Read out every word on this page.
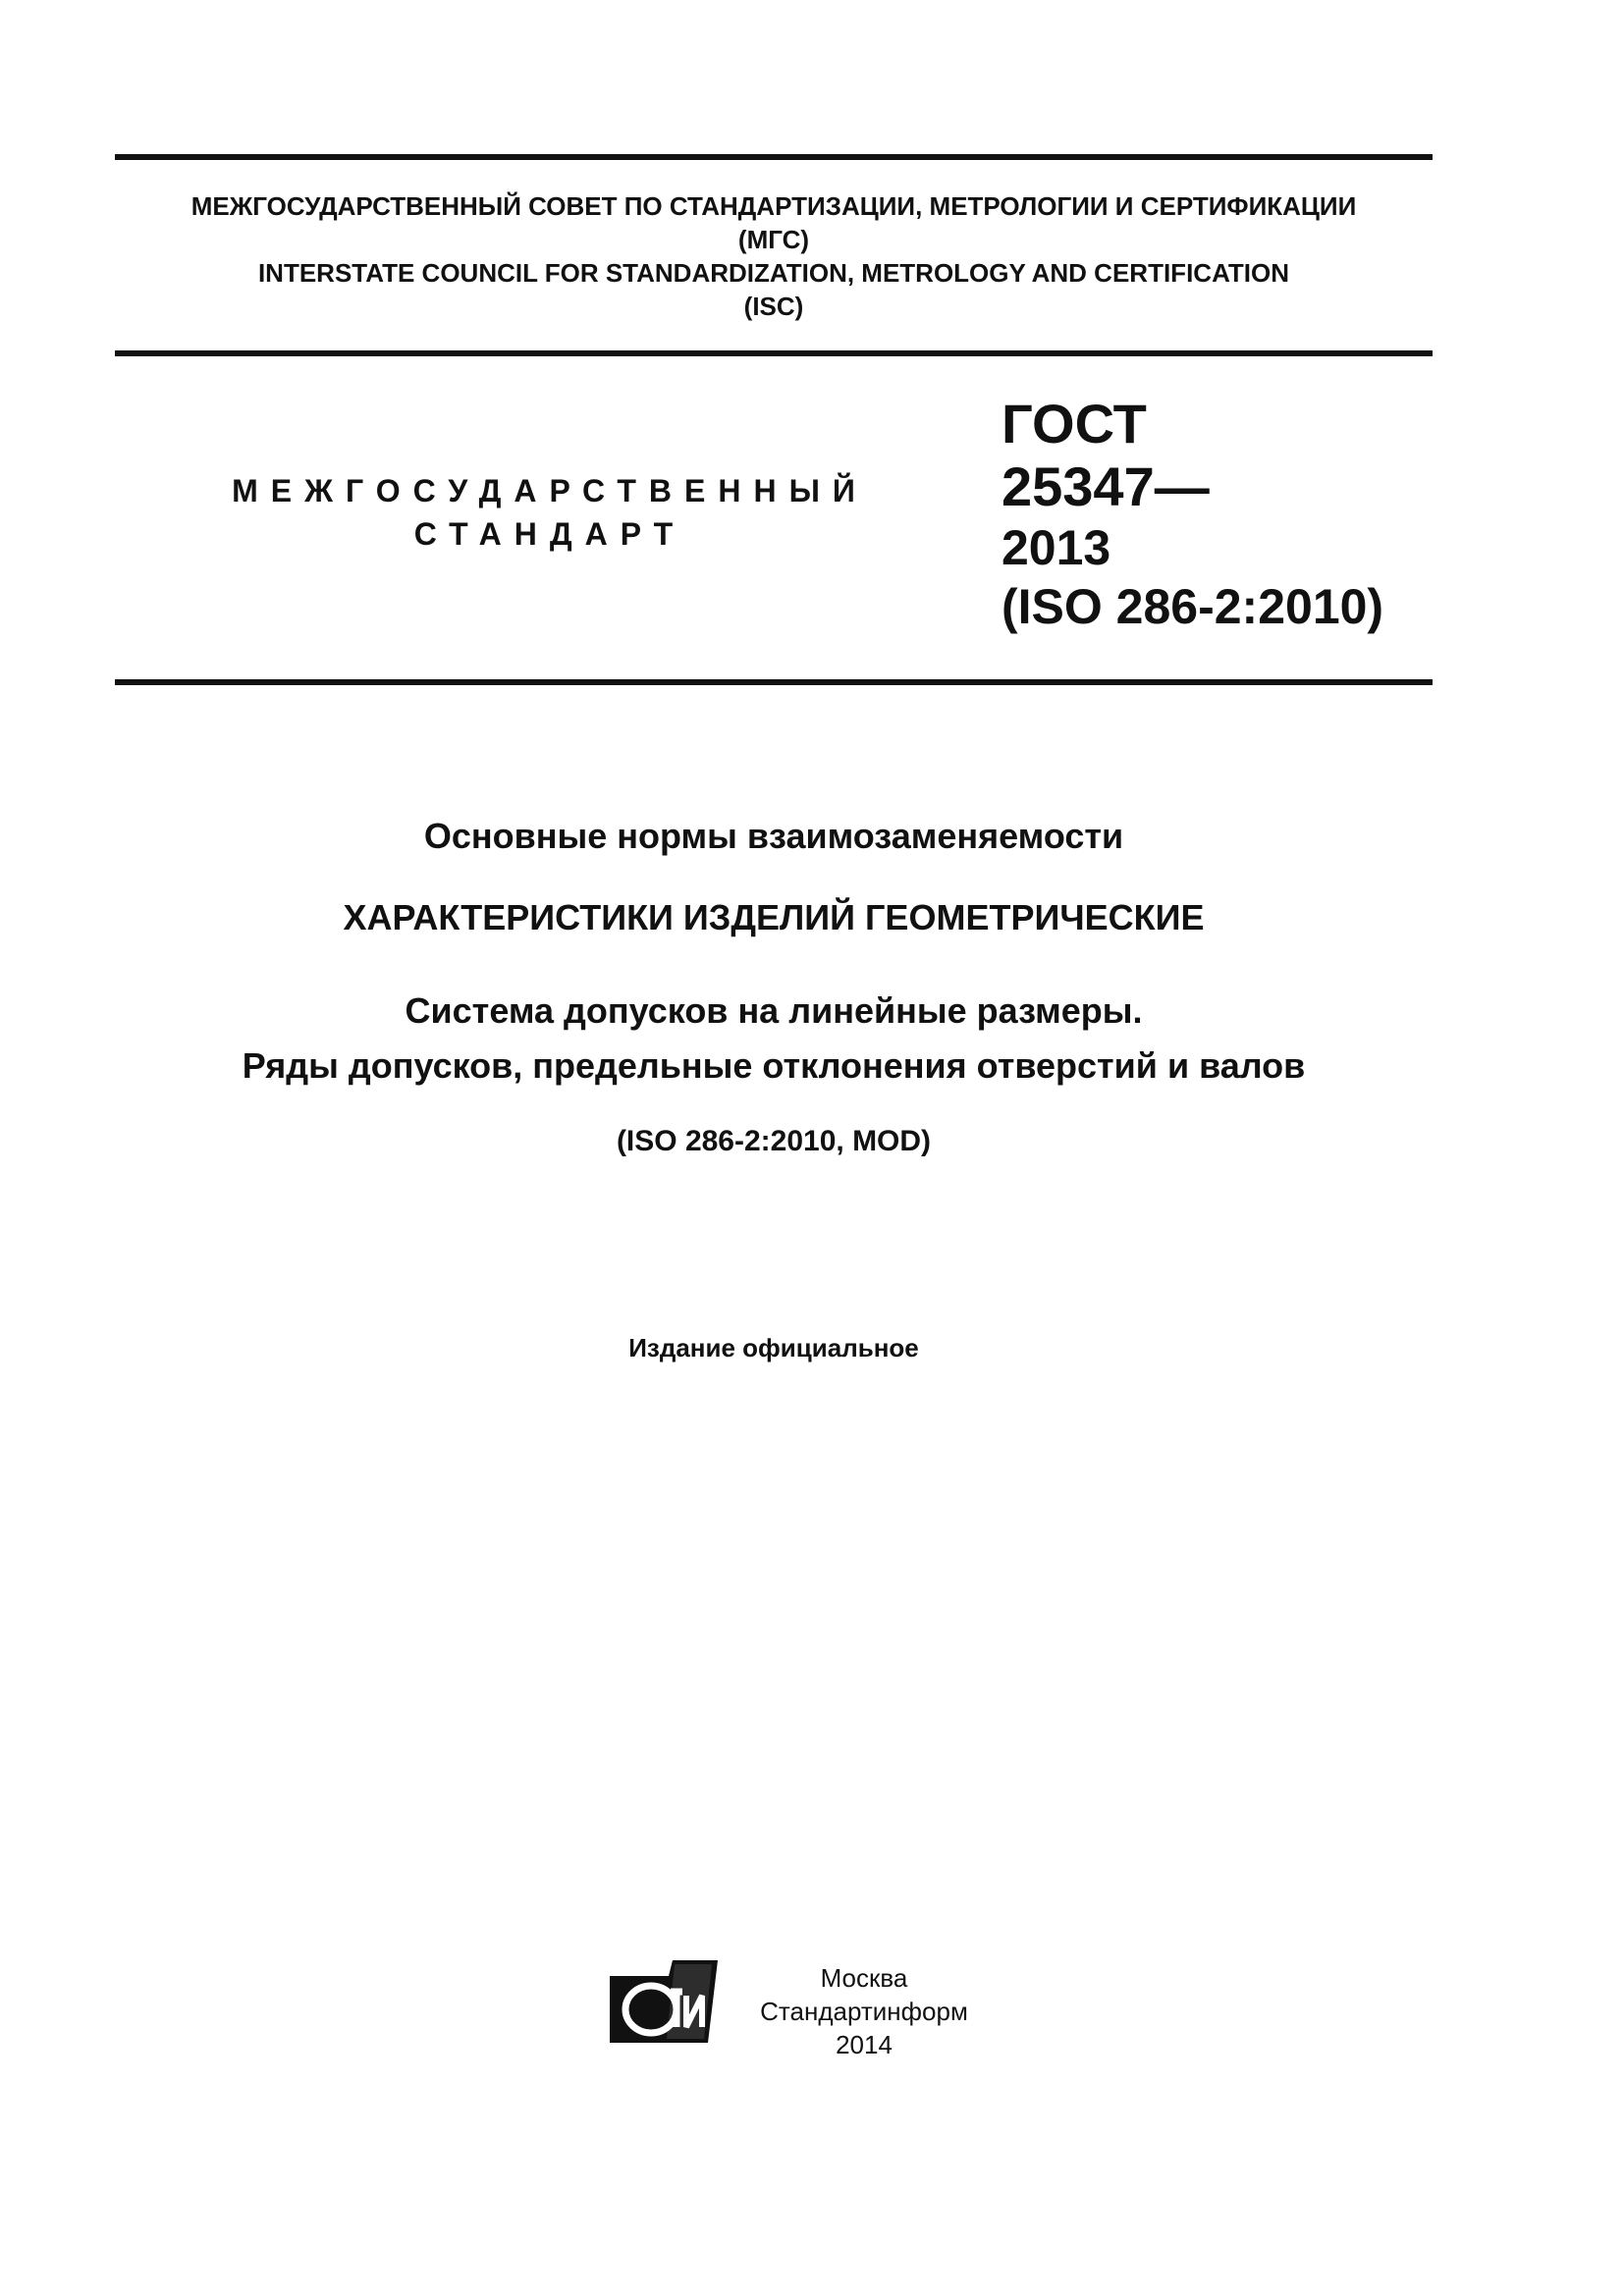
МЕЖГОСУДАРСТВЕННЫЙ СОВЕТ ПО СТАНДАРТИЗАЦИИ, МЕТРОЛОГИИ И СЕРТИФИКАЦИИ
(МГС)
INTERSTATE COUNCIL FOR STANDARDIZATION, METROLOGY AND CERTIFICATION
(ISC)
МЕЖГОСУДАРСТВЕННЫЙ
СТАНДАРТ
ГОСТ
25347—
2013
(ISO 286-2:2010)
Основные нормы взаимозаменяемости
ХАРАКТЕРИСТИКИ ИЗДЕЛИЙ ГЕОМЕТРИЧЕСКИЕ
Система допусков на линейные размеры.
Ряды допусков, предельные отклонения отверстий и валов
(ISO 286-2:2010, MOD)
Издание официальное
Москва
Стандартинформ
2014
